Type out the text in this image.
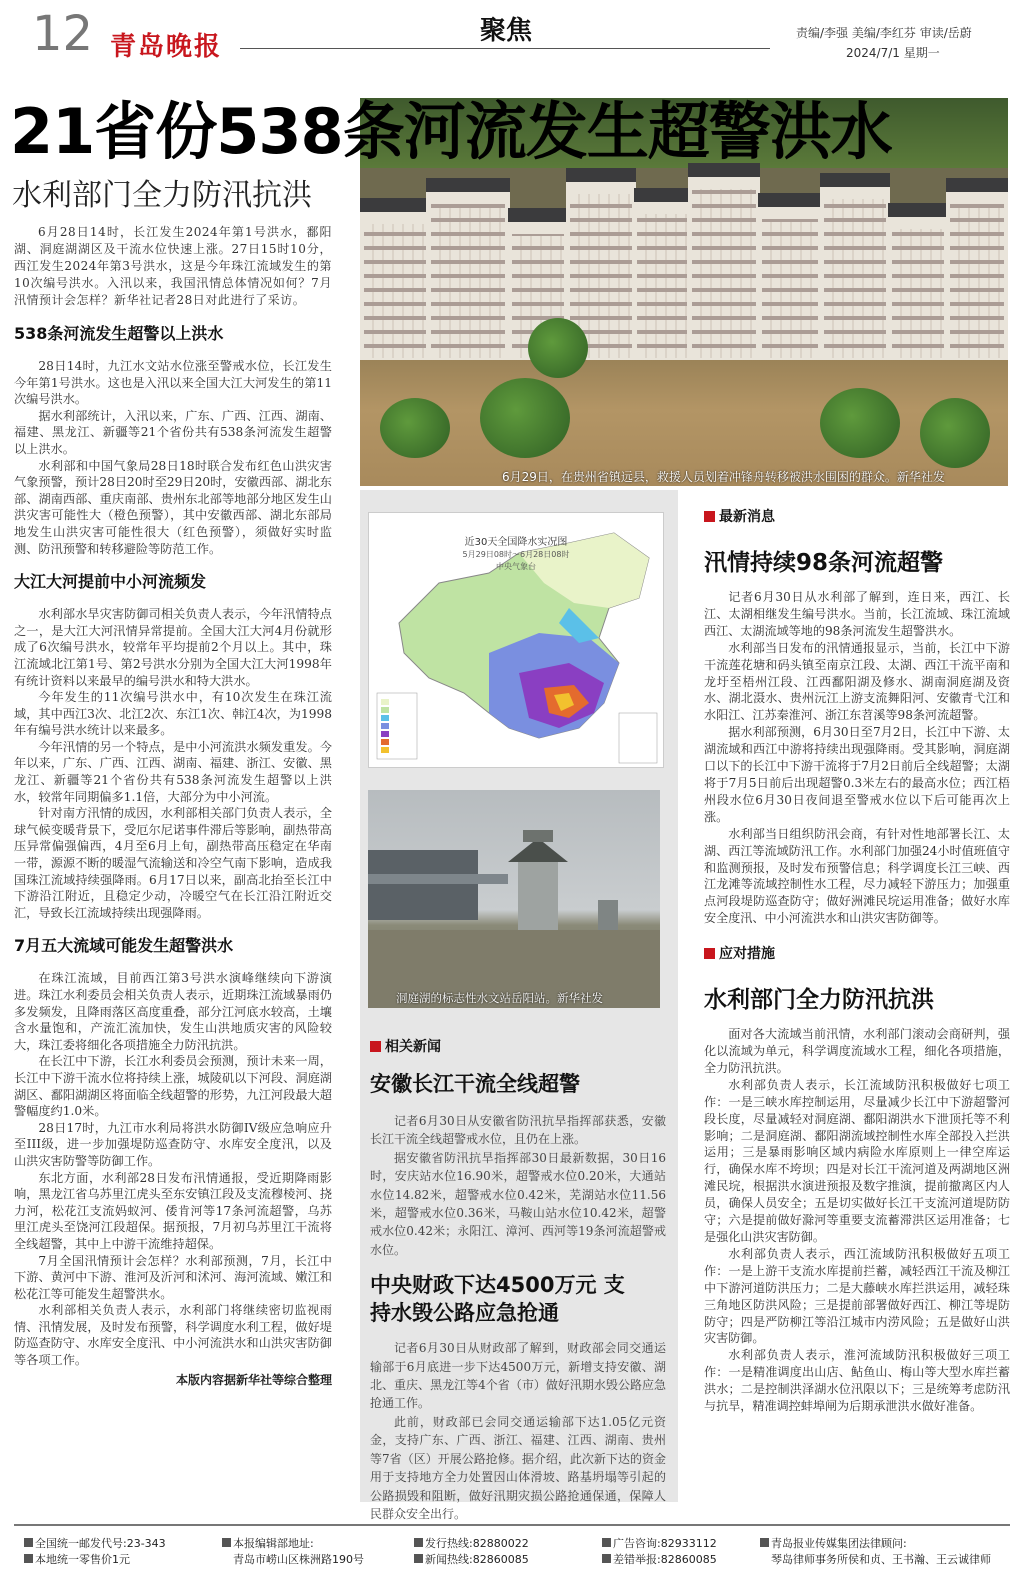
12 青岛晚报
聚焦	责编/李强 美编/李红芬 审读/岳蔚
2024/7/1 星期一
6月29日，在贵州省镇远县，救援人员划着冲锋舟转移被洪水围困的群众。新华社发
21省份538条河流发生超警洪水
水利部门全力防汛抗洪

6月28日14时，长江发生2024年第1号洪水，鄱阳湖、洞庭湖湖区及干流水位快速上涨。27日15时10分，西江发生2024年第3号洪水，这是今年珠江流域发生的第10次编号洪水。入汛以来，我国汛情总体情况如何？7月汛情预计会怎样？新华社记者28日对此进行了采访。

538条河流发生超警以上洪水

28日14时，九江水文站水位涨至警戒水位，长江发生今年第1号洪水。这也是入汛以来全国大江大河发生的第11次编号洪水。

据水利部统计，入汛以来，广东、广西、江西、湖南、福建、黑龙江、新疆等21个省份共有538条河流发生超警以上洪水。

水利部和中国气象局28日18时联合发布红色山洪灾害气象预警，预计28日20时至29日20时，安徽西部、湖北东部、湖南西部、重庆南部、贵州东北部等地部分地区发生山洪灾害可能性大（橙色预警），其中安徽西部、湖北东部局地发生山洪灾害可能性很大（红色预警），须做好实时监测、防汛预警和转移避险等防范工作。

大江大河提前中小河流频发

水利部水旱灾害防御司相关负责人表示，今年汛情特点之一，是大江大河汛情异常提前。全国大江大河4月份就形成了6次编号洪水，较常年平均提前2个月以上。其中，珠江流域北江第1号、第2号洪水分别为全国大江大河1998年有统计资料以来最早的编号洪水和特大洪水。

今年发生的11次编号洪水中，有10次发生在珠江流域，其中西江3次、北江2次、东江1次、韩江4次，为1998年有编号洪水统计以来最多。

今年汛情的另一个特点，是中小河流洪水频发重发。今年以来，广东、广西、江西、湖南、福建、浙江、安徽、黑龙江、新疆等21个省份共有538条河流发生超警以上洪水，较常年同期偏多1.1倍，大部分为中小河流。

针对南方汛情的成因，水利部相关部门负责人表示，全球气候变暖背景下，受厄尔尼诺事件滞后等影响，副热带高压异常偏强偏西，4月至6月上旬，副热带高压稳定在华南一带，源源不断的暖湿气流输送和冷空气南下影响，造成我国珠江流域持续强降雨。6月17日以来，副高北抬至长江中下游沿江附近，且稳定少动，冷暖空气在长江沿江附近交汇，导致长江流域持续出现强降雨。

7月五大流域可能发生超警洪水

在珠江流域，目前西江第3号洪水演峰继续向下游演进。珠江水利委员会相关负责人表示，近期珠江流域暴雨仍多发频发，且降雨落区高度重叠，部分江河底水较高，土壤含水量饱和，产流汇流加快，发生山洪地质灾害的风险较大，珠江委将细化各项措施全力防汛抗洪。

在长江中下游，长江水利委员会预测，预计未来一周，长江中下游干流水位将持续上涨，城陵矶以下河段、洞庭湖湖区、鄱阳湖湖区将面临全线超警的形势，九江河段最大超警幅度约1.0米。

28日17时，九江市水利局将洪水防御IV级应急响应升至III级，进一步加强堤防巡查防守、水库安全度汛，以及山洪灾害防警等防御工作。

东北方面，水利部28日发布汛情通报，受近期降雨影响，黑龙江省乌苏里江虎头至东安镇江段及支流穆棱河、挠力河，松花江支流妈蚁河、倭肯河等17条河流超警，乌苏里江虎头至饶河江段超保。据预报，7月初乌苏里江干流将全线超警，其中上中游干流维持超保。

7月全国汛情预计会怎样？水利部预测，7月，长江中下游、黄河中下游、淮河及沂河和沭河、海河流域、嫩江和松花江等可能发生超警洪水。

水利部相关负责人表示，水利部门将继续密切监视雨情、汛情发展，及时发布预警，科学调度水利工程，做好堤防巡查防守、水库安全度汛、中小河流洪水和山洪灾害防御等各项工作。

本版内容据新华社等综合整理
近30天全国降水实况图
5月29日08时～6月28日08时
中央气象台
洞庭湖的标志性水文站岳阳站。新华社发
相关新闻
安徽长江干流全线超警

记者6月30日从安徽省防汛抗旱指挥部获悉，安徽长江干流全线超警戒水位，且仍在上涨。

据安徽省防汛抗旱指挥部30日最新数据，30日16时，安庆站水位16.90米，超警戒水位0.20米，大通站水位14.82米，超警戒水位0.42米，芜湖站水位11.56米，超警戒水位0.36米，马鞍山站水位10.42米，超警戒水位0.42米；永阳江、漳河、西河等19条河流超警戒水位。

中央财政下达4500万元 支持水毁公路应急抢通

记者6月30日从财政部了解到，财政部会同交通运输部于6月底进一步下达4500万元，新增支持安徽、湖北、重庆、黑龙江等4个省（市）做好汛期水毁公路应急抢通工作。

此前，财政部已会同交通运输部下达1.05亿元资金，支持广东、广西、浙江、福建、江西、湖南、贵州等7省（区）开展公路抢修。据介绍，此次新下达的资金用于支持地方全力处置因山体滑坡、路基坍塌等引起的公路损毁和阻断，做好汛期灾损公路抢通保通，保障人民群众安全出行。

最新消息
汛情持续98条河流超警

记者6月30日从水利部了解到，连日来，西江、长江、太湖相继发生编号洪水。当前，长江流域、珠江流域西江、太湖流域等地的98条河流发生超警洪水。

水利部当日发布的汛情通报显示，当前，长江中下游干流莲花塘和码头镇至南京江段、太湖、西江干流平南和龙圩至梧州江段、江西鄱阳湖及修水、湖南洞庭湖及资水、湖北滠水、贵州沅江上游支流舞阳河、安徽青弋江和水阳江、江苏秦淮河、浙江东苕溪等98条河流超警。

据水利部预测，6月30日至7月2日，长江中下游、太湖流域和西江中游将持续出现强降雨。受其影响，洞庭湖口以下的长江中下游干流将于7月2日前后全线超警；太湖将于7月5日前后出现超警0.3米左右的最高水位；西江梧州段水位6月30日夜间退至警戒水位以下后可能再次上涨。

水利部当日组织防汛会商，有针对性地部署长江、太湖、西江等流域防汛工作。水利部门加强24小时值班值守和监测预报，及时发布预警信息；科学调度长江三峡、西江龙滩等流域控制性水工程，尽力减轻下游压力；加强重点河段堤防巡查防守；做好洲滩民垸运用准备；做好水库安全度汛、中小河流洪水和山洪灾害防御等。

应对措施
水利部门全力防汛抗洪

面对各大流域当前汛情，水利部门滚动会商研判，强化以流域为单元，科学调度流域水工程，细化各项措施，全力防汛抗洪。

水利部负责人表示，长江流域防汛积极做好七项工作：一是三峡水库控制运用，尽量减少长江中下游超警河段长度，尽量减轻对洞庭湖、鄱阳湖洪水下泄顶托等不利影响；二是洞庭湖、鄱阳湖流域控制性水库全部投入拦洪运用；三是暴雨影响区域内病险水库原则上一律空库运行，确保水库不垮坝；四是对长江干流河道及两湖地区洲滩民垸，根据洪水演进预报及数字推演，提前撤离区内人员，确保人员安全；五是切实做好长江干支流河道堤防防守；六是提前做好滁河等重要支流蓄滞洪区运用准备；七是强化山洪灾害防御。

水利部负责人表示，西江流域防汛积极做好五项工作：一是上游干支流水库提前拦蓄，减轻西江干流及柳江中下游河道防洪压力；二是大藤峡水库拦洪运用，减轻珠三角地区防洪风险；三是提前部署做好西江、柳江等堤防防守；四是严防柳江等沿江城市内涝风险；五是做好山洪灾害防御。

水利部负责人表示，淮河流域防汛积极做好三项工作：一是精准调度出山店、鲇鱼山、梅山等大型水库拦蓄洪水；二是控制洪泽湖水位汛限以下；三是统筹考虑防汛与抗旱，精准调控蚌埠闸为后期承泄洪水做好准备。

全国统一邮发代号:23-343
本地统一零售价1元
本报编辑部地址:
青岛市崂山区株洲路190号
发行热线:82880022
新闻热线:82860085
广告咨询:82933112
差错举报:82860085
青岛报业传媒集团法律顾问:
琴岛律师事务所侯和贞、王书瀚、王云诚律师
